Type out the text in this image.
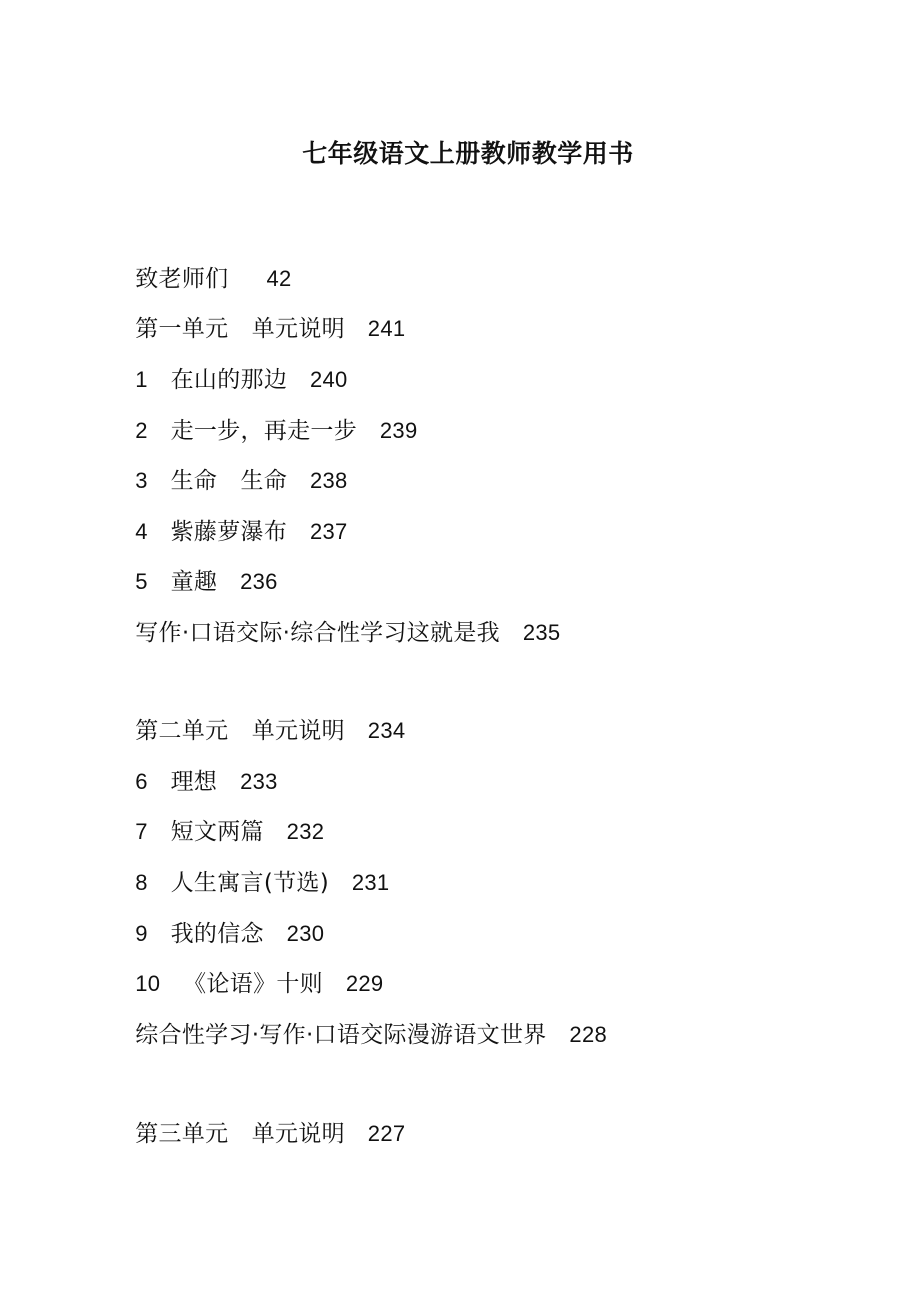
七年级语文上册教师教学用书

致老师们 42

第一单元　单元说明 241

1 在山的那边 240

2 走一步，再走一步 239

3 生命　生命 238

4 紫藤萝瀑布 237

5 童趣 236

写作·口语交际·综合性学习这就是我 235

第二单元　单元说明 234

6 理想 233

7 短文两篇 232

8 人生寓言(节选) 231

9 我的信念 230

10 《论语》十则 229

综合性学习·写作·口语交际漫游语文世界 228

第三单元　单元说明 227
